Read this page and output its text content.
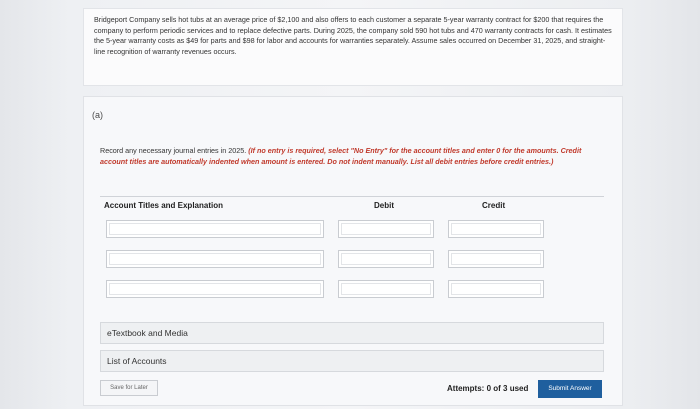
Bridgeport Company sells hot tubs at an average price of $2,100 and also offers to each customer a separate 5-year warranty contract for $200 that requires the company to perform periodic services and to replace defective parts. During 2025, the company sold 590 hot tubs and 470 warranty contracts for cash. It estimates the 5-year warranty costs as $49 for parts and $98 for labor and accounts for warranties separately. Assume sales occurred on December 31, 2025, and straight-line recognition of warranty revenues occurs.

(a)
Record any necessary journal entries in 2025. (If no entry is required, select "No Entry" for the account titles and enter 0 for the amounts. Credit account titles are automatically indented when amount is entered. Do not indent manually. List all debit entries before credit entries.)
Account Titles and Explanation	Debit	Credit
eTextbook and Media
List of Accounts
Save for Later	Attempts: 0 of 3 used	Submit Answer
